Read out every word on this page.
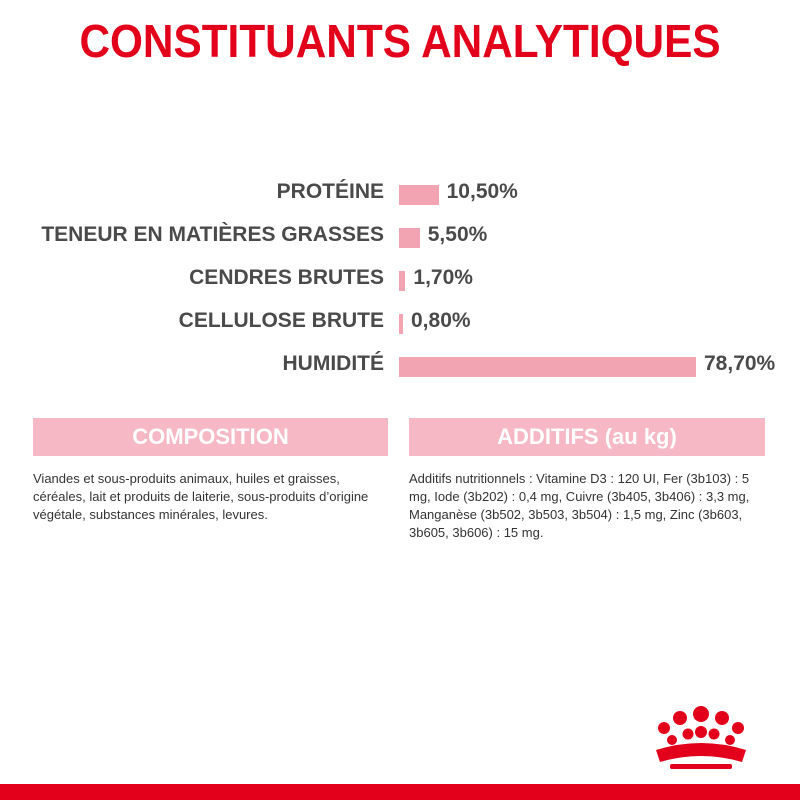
CONSTITUANTS ANALYTIQUES
PROTÉINE	10,50%
TENEUR EN MATIÈRES GRASSES 5,50%
CENDRES BRUTES 1,70%
CELLULOSE BRUTE 0,80%
HUMIDITÉ	78,70%
COMPOSITION
Viandes et sous-produits animaux, huiles et graisses, céréales, lait et produits de laiterie, sous-produits d’origine végétale, substances minérales, levures.
ADDITIFS (au kg)
Additifs nutritionnels : Vitamine D3 : 120 UI, Fer (3b103) : 5 mg, Iode (3b202) : 0,4 mg, Cuivre (3b405, 3b406) : 3,3 mg, Manganèse (3b502, 3b503, 3b504) : 1,5 mg, Zinc (3b603, 3b605, 3b606) : 15 mg.
